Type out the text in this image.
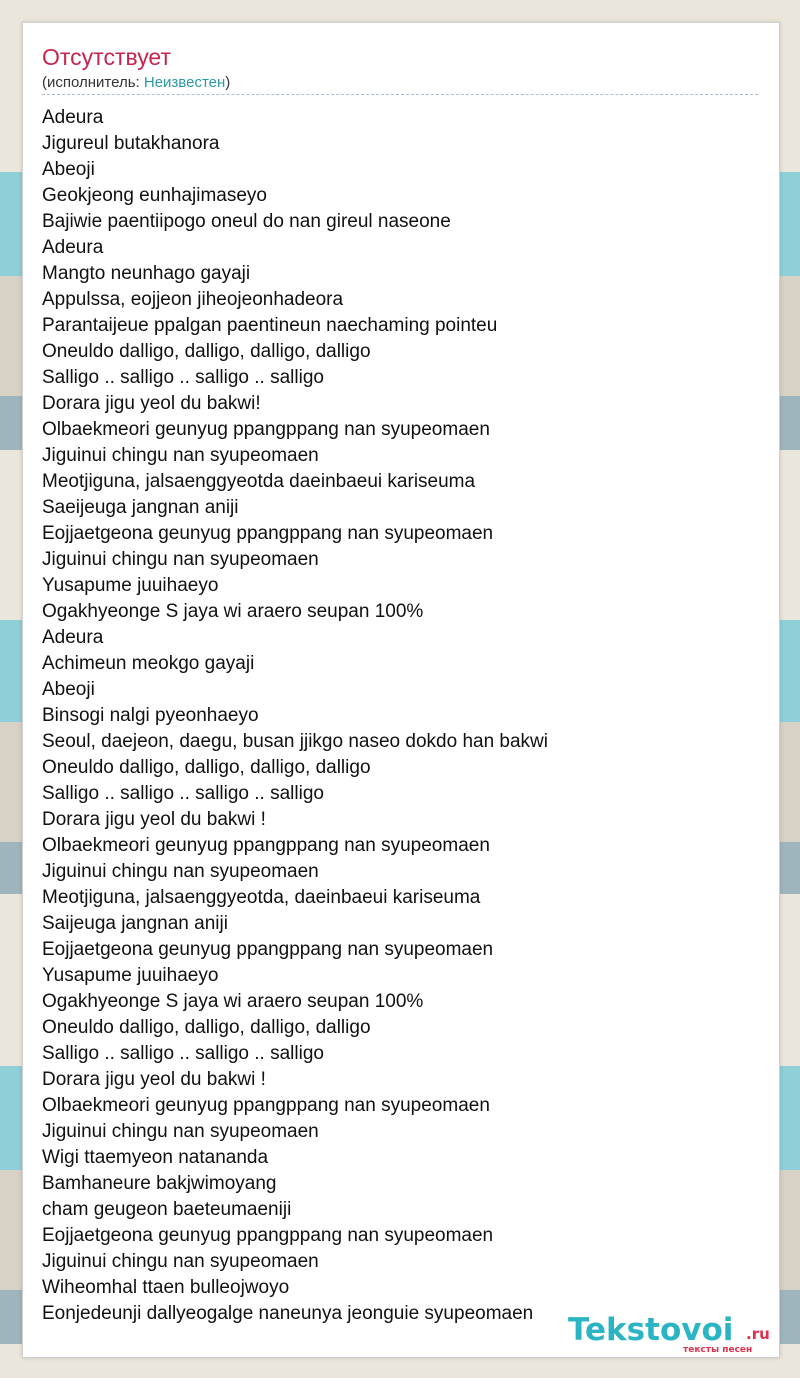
Отсутствует
(исполнитель: Неизвестен)
Adeura
Jigureul butakhanora
Abeoji
Geokjeong eunhajimaseyo
Bajiwie paentiipogo oneul do nan gireul naseone
Adeura
Mangto neunhago gayaji
Appulssa, eojjeon jiheojeonhadeora
Parantaijeue ppalgan paentineun naechaming pointeu
Oneuldo dalligo, dalligo, dalligo, dalligo
Salligo .. salligo .. salligo .. salligo
Dorara jigu yeol du bakwi!
Olbaekmeori geunyug ppangppang nan syupeomaen
Jiguinui chingu nan syupeomaen
Meotjiguna, jalsaenggyeotda daeinbaeui kariseuma
Saeijeuga jangnan aniji
Eojjaetgeona geunyug ppangppang nan syupeomaen
Jiguinui chingu nan syupeomaen
Yusapume juuihaeyo
Ogakhyeonge S jaya wi araero seupan 100%
Adeura
Achimeun meokgo gayaji
Abeoji
Binsogi nalgi pyeonhaeyo
Seoul, daejeon, daegu, busan jjikgo naseo dokdo han bakwi
Oneuldo dalligo, dalligo, dalligo, dalligo
Salligo .. salligo .. salligo .. salligo
Dorara jigu yeol du bakwi !
Olbaekmeori geunyug ppangppang nan syupeomaen
Jiguinui chingu nan syupeomaen
Meotjiguna, jalsaenggyeotda, daeinbaeui kariseuma
Saijeuga jangnan aniji
Eojjaetgeona geunyug ppangppang nan syupeomaen
Yusapume juuihaeyo
Ogakhyeonge S jaya wi araero seupan 100%
Oneuldo dalligo, dalligo, dalligo, dalligo
Salligo .. salligo .. salligo .. salligo
Dorara jigu yeol du bakwi !
Olbaekmeori geunyug ppangppang nan syupeomaen
Jiguinui chingu nan syupeomaen
Wigi ttaemyeon natananda
Bamhaneure bakjwimoyang
cham geugeon baeteumaeniji
Eojjaetgeona geunyug ppangppang nan syupeomaen
Jiguinui chingu nan syupeomaen
Wiheomhal ttaen bulleojwoyo
Eonjedeunji dallyeogalge naneunya jeonguie syupeomaen	Tekstovoi .ru
тексты песен
